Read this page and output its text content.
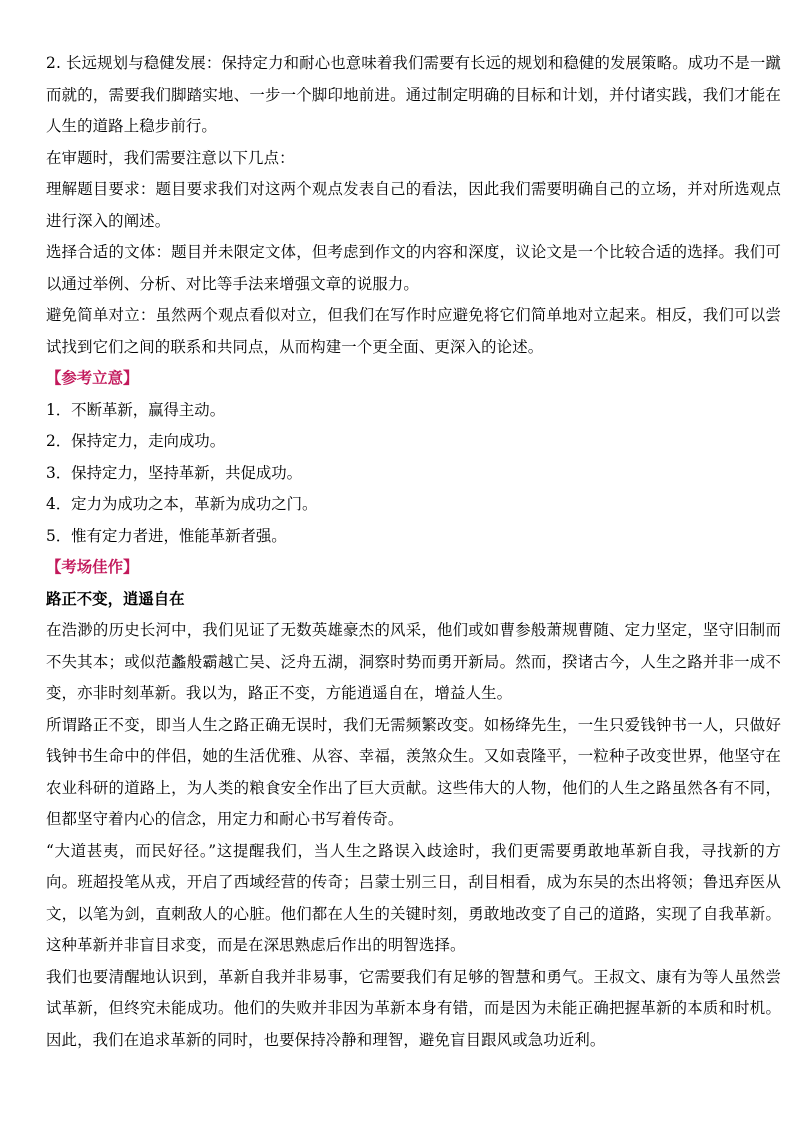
2. 长远规划与稳健发展：保持定力和耐心也意味着我们需要有长远的规划和稳健的发展策略。成功不是一蹴而就的，需要我们脚踏实地、一步一个脚印地前进。通过制定明确的目标和计划，并付诸实践，我们才能在人生的道路上稳步前行。

在审题时，我们需要注意以下几点：

理解题目要求：题目要求我们对这两个观点发表自己的看法，因此我们需要明确自己的立场，并对所选观点进行深入的阐述。

选择合适的文体：题目并未限定文体，但考虑到作文的内容和深度，议论文是一个比较合适的选择。我们可以通过举例、分析、对比等手法来增强文章的说服力。

避免简单对立：虽然两个观点看似对立，但我们在写作时应避免将它们简单地对立起来。相反，我们可以尝试找到它们之间的联系和共同点，从而构建一个更全面、更深入的论述。

【参考立意】

1．不断革新，赢得主动。

2．保持定力，走向成功。

3．保持定力，坚持革新，共促成功。

4．定力为成功之本，革新为成功之门。

5．惟有定力者进，惟能革新者强。

【考场佳作】

路正不变，逍遥自在

在浩渺的历史长河中，我们见证了无数英雄豪杰的风采，他们或如曹参般萧规曹随、定力坚定，坚守旧制而不失其本；或似范蠡般霸越亡吴、泛舟五湖，洞察时势而勇开新局。然而，揆诸古今，人生之路并非一成不变，亦非时刻革新。我以为，路正不变，方能逍遥自在，增益人生。

所谓路正不变，即当人生之路正确无误时，我们无需频繁改变。如杨绛先生，一生只爱钱钟书一人，只做好钱钟书生命中的伴侣，她的生活优雅、从容、幸福，羡煞众生。又如袁隆平，一粒种子改变世界，他坚守在农业科研的道路上，为人类的粮食安全作出了巨大贡献。这些伟大的人物，他们的人生之路虽然各有不同，但都坚守着内心的信念，用定力和耐心书写着传奇。

“大道甚夷，而民好径。”这提醒我们，当人生之路误入歧途时，我们更需要勇敢地革新自我，寻找新的方向。班超投笔从戎，开启了西域经营的传奇；吕蒙士别三日，刮目相看，成为东吴的杰出将领；鲁迅弃医从文，以笔为剑，直刺敌人的心脏。他们都在人生的关键时刻，勇敢地改变了自己的道路，实现了自我革新。这种革新并非盲目求变，而是在深思熟虑后作出的明智选择。

我们也要清醒地认识到，革新自我并非易事，它需要我们有足够的智慧和勇气。王叔文、康有为等人虽然尝试革新，但终究未能成功。他们的失败并非因为革新本身有错，而是因为未能正确把握革新的本质和时机。因此，我们在追求革新的同时，也要保持冷静和理智，避免盲目跟风或急功近利。
